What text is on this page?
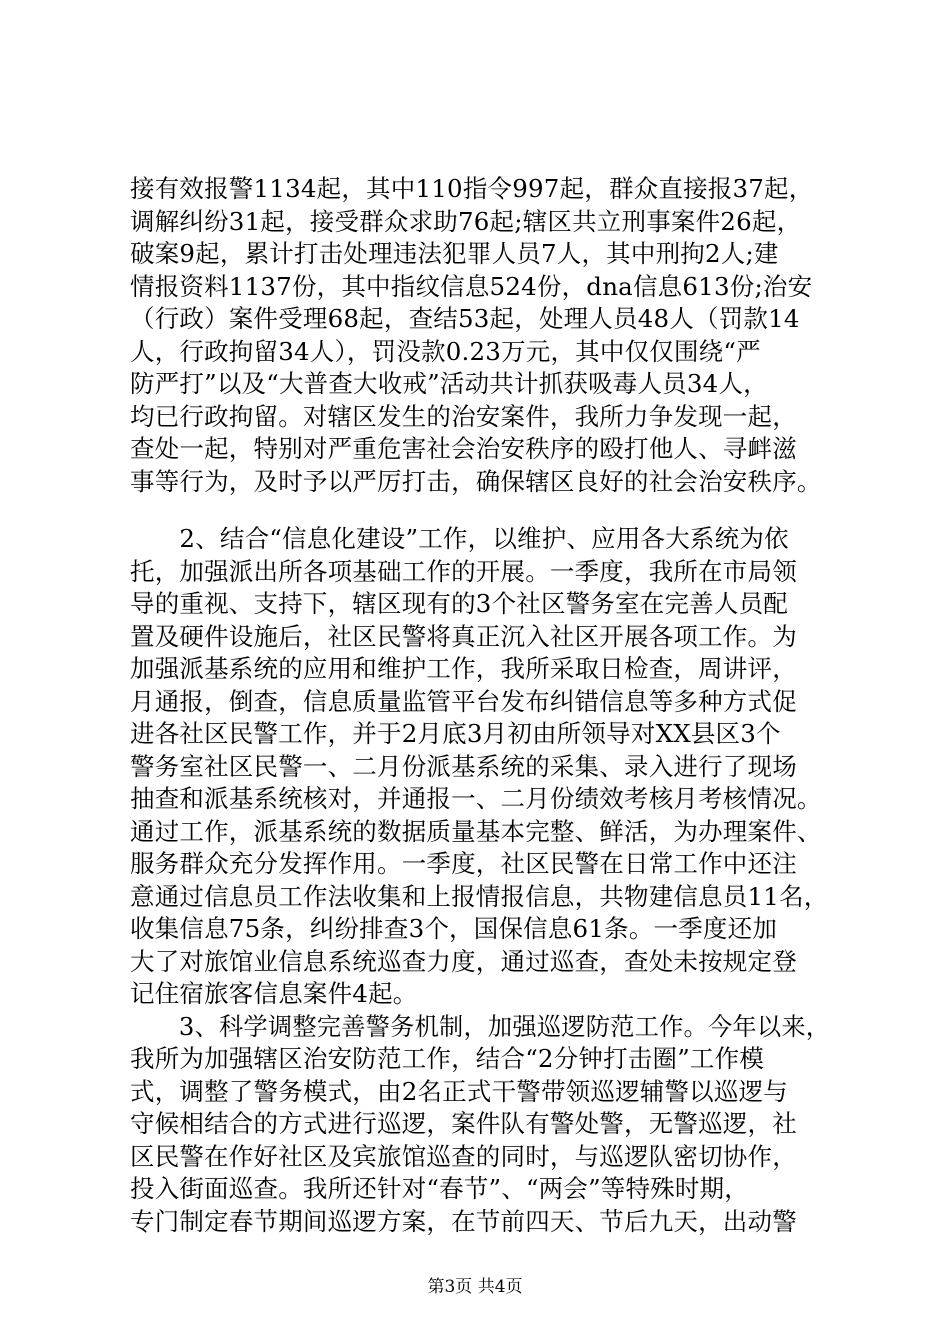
接有效报警1134起，其中110指令997起，群众直接报37起，
调解纠纷31起，接受群众求助76起;辖区共立刑事案件26起，
破案9起，累计打击处理违法犯罪人员7人，其中刑拘2人;建
情报资料1137份，其中指纹信息524份，dna信息613份;治安
（行政）案件受理68起，查结53起，处理人员48人（罚款14
人，行政拘留34人），罚没款0.23万元，其中仅仅围绕“严
防严打”以及“大普查大收戒”活动共计抓获吸毒人员34人，
均已行政拘留。对辖区发生的治安案件，我所力争发现一起，
查处一起，特别对严重危害社会治安秩序的殴打他人、寻衅滋
事等行为，及时予以严厉打击，确保辖区良好的社会治安秩序。
　　2、结合“信息化建设”工作，以维护、应用各大系统为依
托，加强派出所各项基础工作的开展。一季度，我所在市局领
导的重视、支持下，辖区现有的3个社区警务室在完善人员配
置及硬件设施后，社区民警将真正沉入社区开展各项工作。为
加强派基系统的应用和维护工作，我所采取日检查，周讲评，
月通报，倒查，信息质量监管平台发布纠错信息等多种方式促
进各社区民警工作，并于2月底3月初由所领导对XX县区3个
警务室社区民警一、二月份派基系统的采集、录入进行了现场
抽查和派基系统核对，并通报一、二月份绩效考核月考核情况。
通过工作，派基系统的数据质量基本完整、鲜活，为办理案件、
服务群众充分发挥作用。一季度，社区民警在日常工作中还注
意通过信息员工作法收集和上报情报信息，共物建信息员11名，
收集信息75条，纠纷排查3个，国保信息61条。一季度还加
大了对旅馆业信息系统巡查力度，通过巡查，查处未按规定登
记住宿旅客信息案件4起。
　　3、科学调整完善警务机制，加强巡逻防范工作。今年以来，
我所为加强辖区治安防范工作，结合“2分钟打击圈”工作模
式，调整了警务模式，由2名正式干警带领巡逻辅警以巡逻与
守候相结合的方式进行巡逻，案件队有警处警，无警巡逻，社
区民警在作好社区及宾旅馆巡查的同时，与巡逻队密切协作，
投入街面巡查。我所还针对“春节”、“两会”等特殊时期，
专门制定春节期间巡逻方案，在节前四天、节后九天，出动警
第3页 共4页
